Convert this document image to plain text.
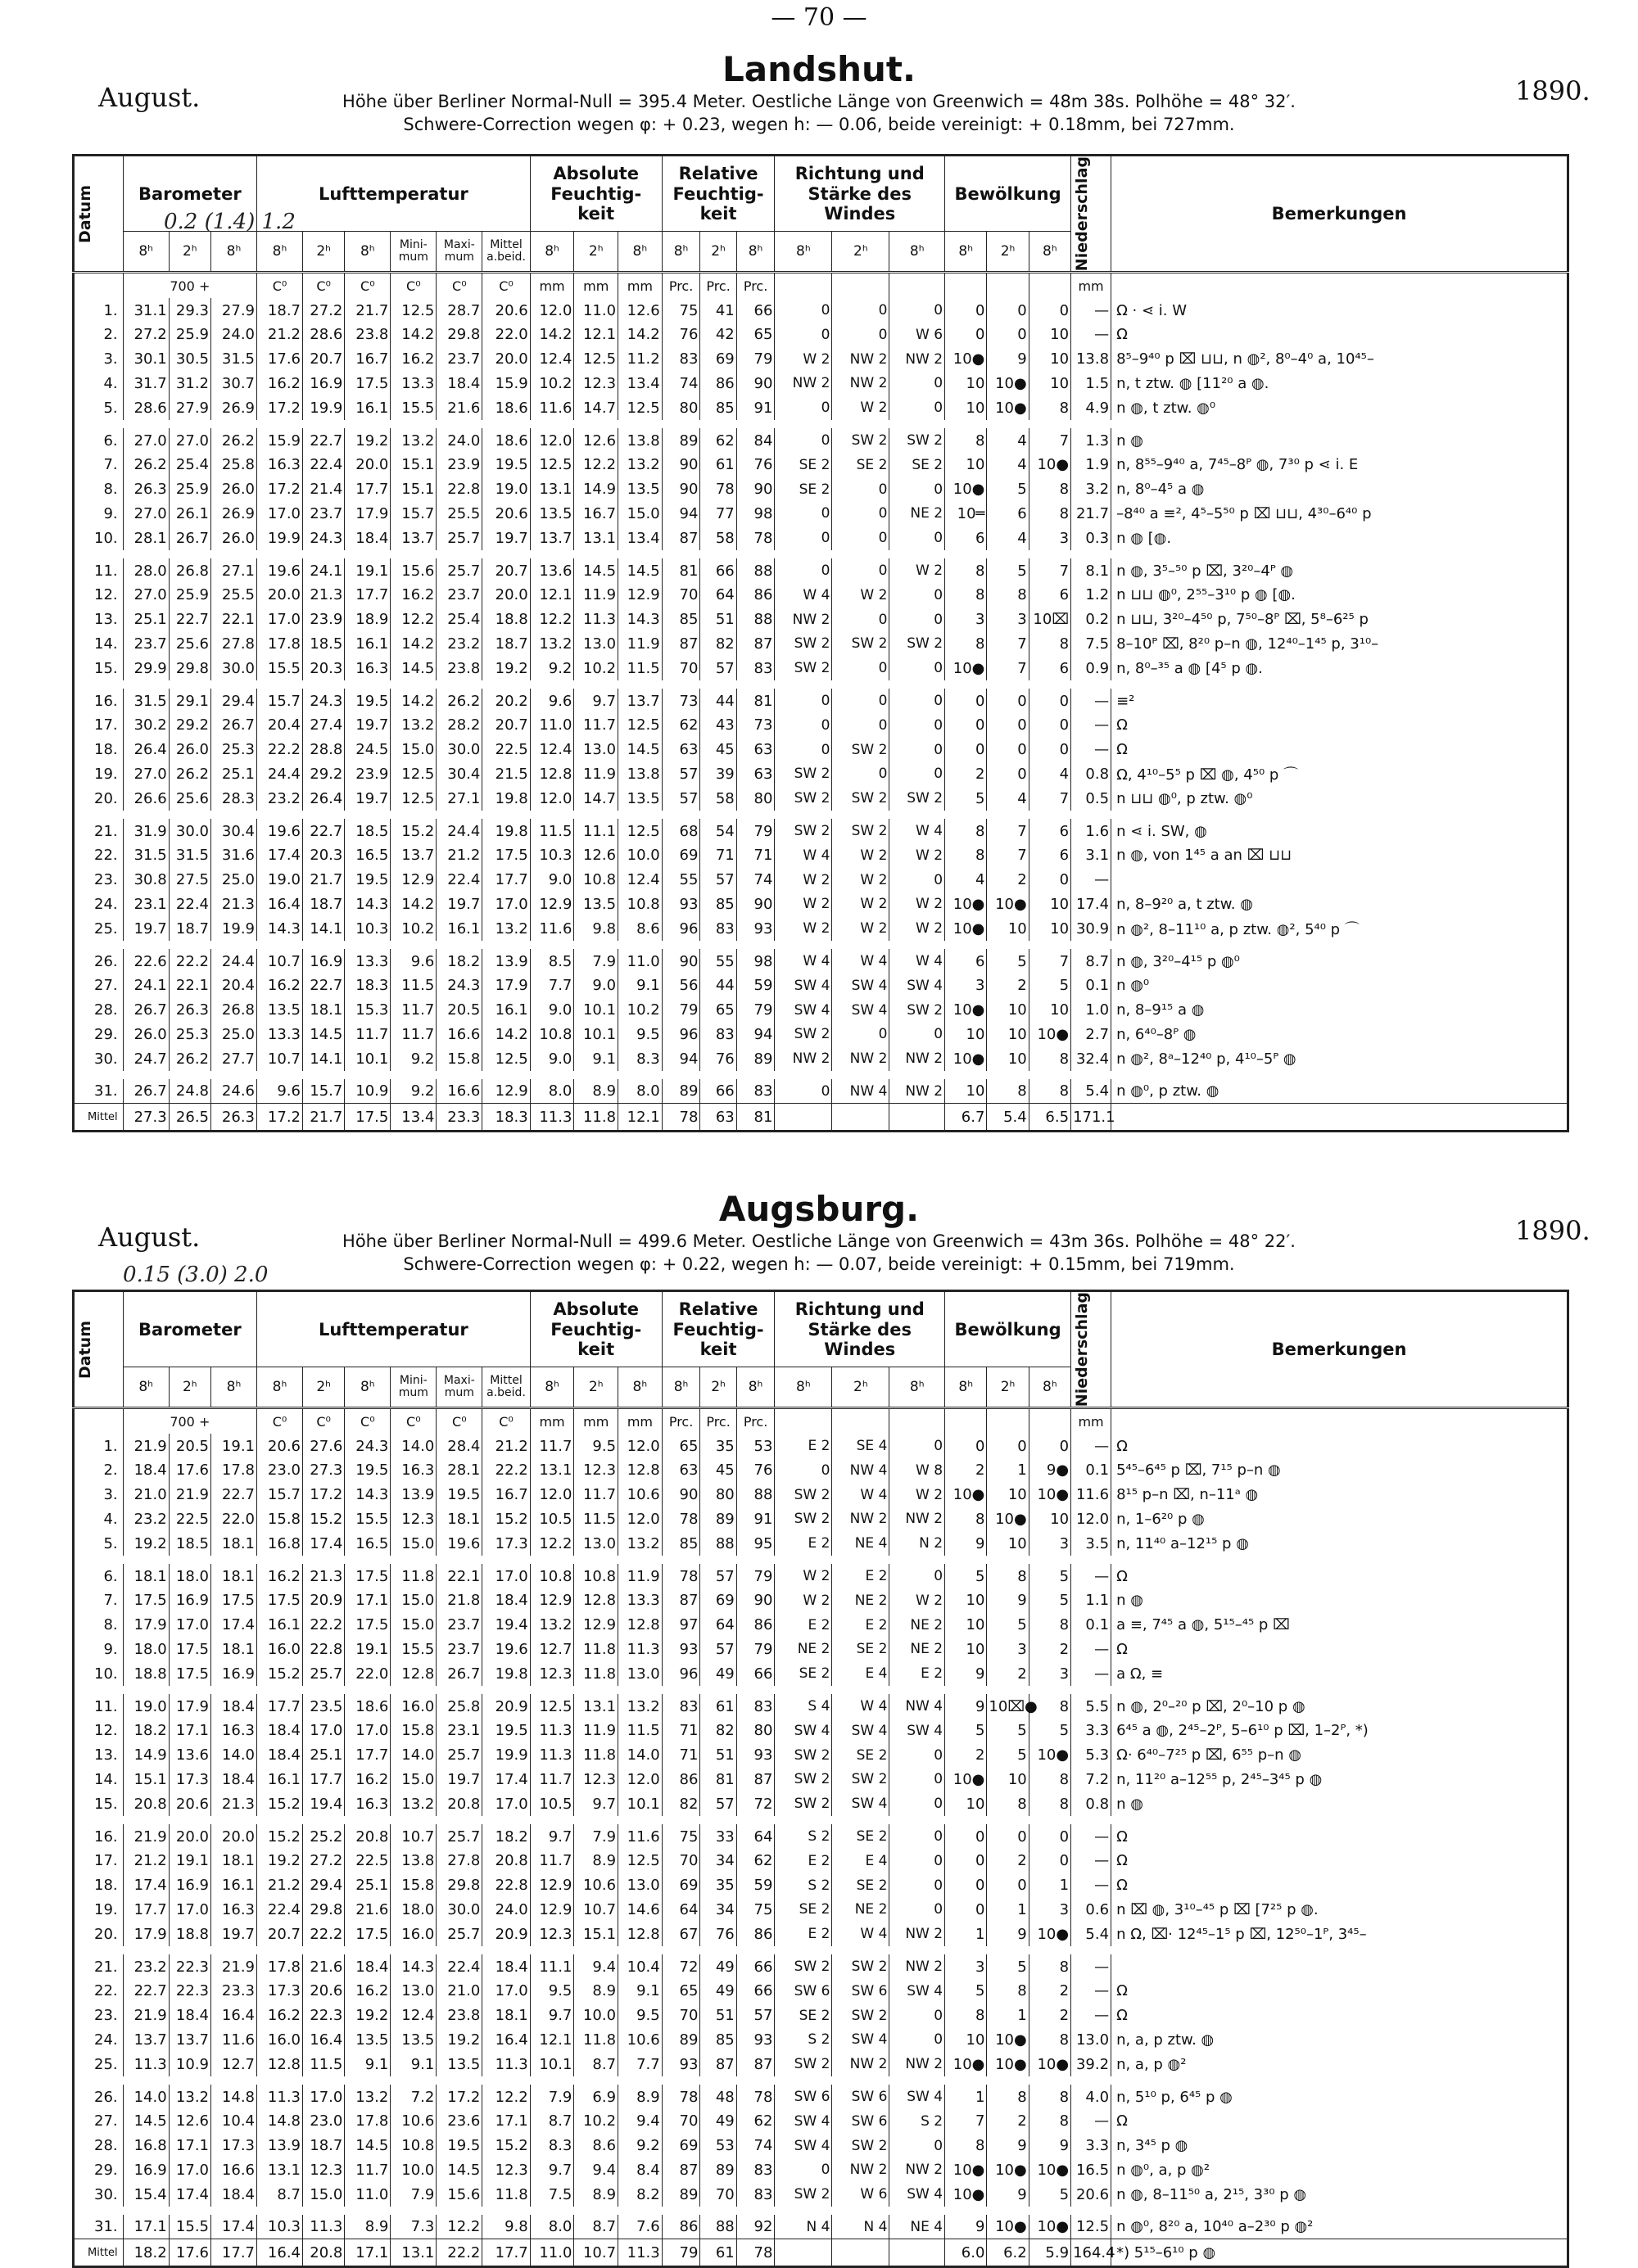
— 70 —
August.
Landshut.
1890.
Höhe über Berliner Normal-Null = 395.4 Meter. Oestliche Länge von Greenwich = 48m 38s. Polhöhe = 48° 32′.
Schwere-Correction wegen φ: + 0.23, wegen h: — 0.06, beide vereinigt: + 0.18mm, bei 727mm.
0.2 (1.4) 1.2
Datum	Barometer			Lufttemperatur						Absolute Feuchtig- keit			Relative Feuchtig- keit			Richtung und Stärke des Windes			Bewölkung			Niederschlag	Bemerkungen
	8ʰ	2ʰ	8ʰ	8ʰ	2ʰ	8ʰ	Mini- mum	Maxi- mum	Mittel a.beid.	8ʰ	2ʰ	8ʰ	8ʰ	2ʰ	8ʰ	8ʰ	2ʰ	8ʰ	8ʰ	2ʰ	8ʰ		
	700 +			C⁰	C⁰	C⁰	C⁰	C⁰	C⁰	mm	mm	mm	Prc.	Prc.	Prc.							mm	
1.	31.1	29.3	27.9	18.7	27.2	21.7	12.5	28.7	20.6	12.0	11.0	12.6	75	41	66	0	0	0	0	0	0	—	Ω · ⋖ i. W
2.	27.2	25.9	24.0	21.2	28.6	23.8	14.2	29.8	22.0	14.2	12.1	14.2	76	42	65	0	0	W 6	0	0	10	—	Ω
3.	30.1	30.5	31.5	17.6	20.7	16.7	16.2	23.7	20.0	12.4	12.5	11.2	83	69	79	W 2	NW 2	NW 2	10●	9	10	13.8	8⁵–9⁴⁰ p ⌧ ⊔⊔, n ◍², 8⁰–4⁰ a, 10⁴⁵–
4.	31.7	31.2	30.7	16.2	16.9	17.5	13.3	18.4	15.9	10.2	12.3	13.4	74	86	90	NW 2	NW 2	0	10	10●	10	1.5	n, t ztw. ◍ [11²⁰ a ◍.
5.	28.6	27.9	26.9	17.2	19.9	16.1	15.5	21.6	18.6	11.6	14.7	12.5	80	85	91	0	W 2	0	10	10●	8	4.9	n ◍, t ztw. ◍⁰

6.	27.0	27.0	26.2	15.9	22.7	19.2	13.2	24.0	18.6	12.0	12.6	13.8	89	62	84	0	SW 2	SW 2	8	4	7	1.3	n ◍
7.	26.2	25.4	25.8	16.3	22.4	20.0	15.1	23.9	19.5	12.5	12.2	13.2	90	61	76	SE 2	SE 2	SE 2	10	4	10●	1.9	n, 8⁵⁵–9⁴⁰ a, 7⁴⁵–8ᴾ ◍, 7³⁰ p ⋖ i. E
8.	26.3	25.9	26.0	17.2	21.4	17.7	15.1	22.8	19.0	13.1	14.9	13.5	90	78	90	SE 2	0	0	10●	5	8	3.2	n, 8⁰–4⁵ a ◍
9.	27.0	26.1	26.9	17.0	23.7	17.9	15.7	25.5	20.6	13.5	16.7	15.0	94	77	98	0	0	NE 2	10═	6	8	21.7	–8⁴⁰ a ≡², 4⁵–5⁵⁰ p ⌧ ⊔⊔, 4³⁰–6⁴⁰ p
10.	28.1	26.7	26.0	19.9	24.3	18.4	13.7	25.7	19.7	13.7	13.1	13.4	87	58	78	0	0	0	6	4	3	0.3	n ◍ [◍.

11.	28.0	26.8	27.1	19.6	24.1	19.1	15.6	25.7	20.7	13.6	14.5	14.5	81	66	88	0	0	W 2	8	5	7	8.1	n ◍, 3⁵–⁵⁰ p ⌧, 3²⁰–4ᴾ ◍
12.	27.0	25.9	25.5	20.0	21.3	17.7	16.2	23.7	20.0	12.1	11.9	12.9	70	64	86	W 4	W 2	0	8	8	6	1.2	n ⊔⊔ ◍⁰, 2⁵⁵–3¹⁰ p ◍ [◍.
13.	25.1	22.7	22.1	17.0	23.9	18.9	12.2	25.4	18.8	12.2	11.3	14.3	85	51	88	NW 2	0	0	3	3	10⌧	0.2	n ⊔⊔, 3²⁰–4⁵⁰ p, 7⁵⁰–8ᴾ ⌧, 5⁸–6²⁵ p
14.	23.7	25.6	27.8	17.8	18.5	16.1	14.2	23.2	18.7	13.2	13.0	11.9	87	82	87	SW 2	SW 2	SW 2	8	7	8	7.5	8–10ᴾ ⌧, 8²⁰ p–n ◍, 12⁴⁰–1⁴⁵ p, 3¹⁰–
15.	29.9	29.8	30.0	15.5	20.3	16.3	14.5	23.8	19.2	9.2	10.2	11.5	70	57	83	SW 2	0	0	10●	7	6	0.9	n, 8⁰–³⁵ a ◍ [4⁵ p ◍.

16.	31.5	29.1	29.4	15.7	24.3	19.5	14.2	26.2	20.2	9.6	9.7	13.7	73	44	81	0	0	0	0	0	0	—	≡²
17.	30.2	29.2	26.7	20.4	27.4	19.7	13.2	28.2	20.7	11.0	11.7	12.5	62	43	73	0	0	0	0	0	0	—	Ω
18.	26.4	26.0	25.3	22.2	28.8	24.5	15.0	30.0	22.5	12.4	13.0	14.5	63	45	63	0	SW 2	0	0	0	0	—	Ω
19.	27.0	26.2	25.1	24.4	29.2	23.9	12.5	30.4	21.5	12.8	11.9	13.8	57	39	63	SW 2	0	0	2	0	4	0.8	Ω, 4¹⁰–5⁵ p ⌧ ◍, 4⁵⁰ p ⌒
20.	26.6	25.6	28.3	23.2	26.4	19.7	12.5	27.1	19.8	12.0	14.7	13.5	57	58	80	SW 2	SW 2	SW 2	5	4	7	0.5	n ⊔⊔ ◍⁰, p ztw. ◍⁰

21.	31.9	30.0	30.4	19.6	22.7	18.5	15.2	24.4	19.8	11.5	11.1	12.5	68	54	79	SW 2	SW 2	W 4	8	7	6	1.6	n ⋖ i. SW, ◍
22.	31.5	31.5	31.6	17.4	20.3	16.5	13.7	21.2	17.5	10.3	12.6	10.0	69	71	71	W 4	W 2	W 2	8	7	6	3.1	n ◍, von 1⁴⁵ a an ⌧ ⊔⊔
23.	30.8	27.5	25.0	19.0	21.7	19.5	12.9	22.4	17.7	9.0	10.8	12.4	55	57	74	W 2	W 2	0	4	2	0	—	
24.	23.1	22.4	21.3	16.4	18.7	14.3	14.2	19.7	17.0	12.9	13.5	10.8	93	85	90	W 2	W 2	W 2	10●	10●	10	17.4	n, 8–9²⁰ a, t ztw. ◍
25.	19.7	18.7	19.9	14.3	14.1	10.3	10.2	16.1	13.2	11.6	9.8	8.6	96	83	93	W 2	W 2	W 2	10●	10	10	30.9	n ◍², 8–11¹⁰ a, p ztw. ◍², 5⁴⁰ p ⌒

26.	22.6	22.2	24.4	10.7	16.9	13.3	9.6	18.2	13.9	8.5	7.9	11.0	90	55	98	W 4	W 4	W 4	6	5	7	8.7	n ◍, 3²⁰–4¹⁵ p ◍⁰
27.	24.1	22.1	20.4	16.2	22.7	18.3	11.5	24.3	17.9	7.7	9.0	9.1	56	44	59	SW 4	SW 4	SW 4	3	2	5	0.1	n ◍⁰
28.	26.7	26.3	26.8	13.5	18.1	15.3	11.7	20.5	16.1	9.0	10.1	10.2	79	65	79	SW 4	SW 4	SW 2	10●	10	10	1.0	n, 8–9¹⁵ a ◍
29.	26.0	25.3	25.0	13.3	14.5	11.7	11.7	16.6	14.2	10.8	10.1	9.5	96	83	94	SW 2	0	0	10	10	10●	2.7	n, 6⁴⁰–8ᴾ ◍
30.	24.7	26.2	27.7	10.7	14.1	10.1	9.2	15.8	12.5	9.0	9.1	8.3	94	76	89	NW 2	NW 2	NW 2	10●	10	8	32.4	n ◍², 8ᵃ–12⁴⁰ p, 4¹⁰–5ᴾ ◍

31.	26.7	24.8	24.6	9.6	15.7	10.9	9.2	16.6	12.9	8.0	8.9	8.0	89	66	83	0	NW 4	NW 2	10	8	8	5.4	n ◍⁰, p ztw. ◍
Mittel	27.3	26.5	26.3	17.2	21.7	17.5	13.4	23.3	18.3	11.3	11.8	12.1	78	63	81				6.7	5.4	6.5	171.1	
August.
Augsburg.
1890.
Höhe über Berliner Normal-Null = 499.6 Meter. Oestliche Länge von Greenwich = 43m 36s. Polhöhe = 48° 22′.
Schwere-Correction wegen φ: + 0.22, wegen h: — 0.07, beide vereinigt: + 0.15mm, bei 719mm.
0.15 (3.0) 2.0
Datum	Barometer			Lufttemperatur						Absolute Feuchtig- keit			Relative Feuchtig- keit			Richtung und Stärke des Windes			Bewölkung			Niederschlag	Bemerkungen
	8ʰ	2ʰ	8ʰ	8ʰ	2ʰ	8ʰ	Mini- mum	Maxi- mum	Mittel a.beid.	8ʰ	2ʰ	8ʰ	8ʰ	2ʰ	8ʰ	8ʰ	2ʰ	8ʰ	8ʰ	2ʰ	8ʰ		
	700 +			C⁰	C⁰	C⁰	C⁰	C⁰	C⁰	mm	mm	mm	Prc.	Prc.	Prc.							mm	
1.	21.9	20.5	19.1	20.6	27.6	24.3	14.0	28.4	21.2	11.7	9.5	12.0	65	35	53	E 2	SE 4	0	0	0	0	—	Ω
2.	18.4	17.6	17.8	23.0	27.3	19.5	16.3	28.1	22.2	13.1	12.3	12.8	63	45	76	0	NW 4	W 8	2	1	9●	0.1	5⁴⁵–6⁴⁵ p ⌧, 7¹⁵ p–n ◍
3.	21.0	21.9	22.7	15.7	17.2	14.3	13.9	19.5	16.7	12.0	11.7	10.6	90	80	88	SW 2	W 4	W 2	10●	10	10●	11.6	8¹⁵ p–n ⌧, n–11ᵃ ◍
4.	23.2	22.5	22.0	15.8	15.2	15.5	12.3	18.1	15.2	10.5	11.5	12.0	78	89	91	SW 2	NW 2	NW 2	8	10●	10	12.0	n, 1–6²⁰ p ◍
5.	19.2	18.5	18.1	16.8	17.4	16.5	15.0	19.6	17.3	12.2	13.0	13.2	85	88	95	E 2	NE 4	N 2	9	10	3	3.5	n, 11⁴⁰ a–12¹⁵ p ◍

6.	18.1	18.0	18.1	16.2	21.3	17.5	11.8	22.1	17.0	10.8	10.8	11.9	78	57	79	W 2	E 2	0	5	8	5	—	Ω
7.	17.5	16.9	17.5	17.5	20.9	17.1	15.0	21.8	18.4	12.9	12.8	13.3	87	69	90	W 2	NE 2	W 2	10	9	5	1.1	n ◍
8.	17.9	17.0	17.4	16.1	22.2	17.5	15.0	23.7	19.4	13.2	12.9	12.8	97	64	86	E 2	E 2	NE 2	10	5	8	0.1	a ≡, 7⁴⁵ a ◍, 5¹⁵–⁴⁵ p ⌧
9.	18.0	17.5	18.1	16.0	22.8	19.1	15.5	23.7	19.6	12.7	11.8	11.3	93	57	79	NE 2	SE 2	NE 2	10	3	2	—	Ω
10.	18.8	17.5	16.9	15.2	25.7	22.0	12.8	26.7	19.8	12.3	11.8	13.0	96	49	66	SE 2	E 4	E 2	9	2	3	—	a Ω, ≡

11.	19.0	17.9	18.4	17.7	23.5	18.6	16.0	25.8	20.9	12.5	13.1	13.2	83	61	83	S 4	W 4	NW 4	9	10⌧●	8	5.5	n ◍, 2⁰–²⁰ p ⌧, 2⁰–10 p ◍
12.	18.2	17.1	16.3	18.4	17.0	17.0	15.8	23.1	19.5	11.3	11.9	11.5	71	82	80	SW 4	SW 4	SW 4	5	5	5	3.3	6⁴⁵ a ◍, 2⁴⁵–2ᴾ, 5–6¹⁰ p ⌧, 1–2ᴾ, *)
13.	14.9	13.6	14.0	18.4	25.1	17.7	14.0	25.7	19.9	11.3	11.8	14.0	71	51	93	SW 2	SE 2	0	2	5	10●	5.3	Ω· 6⁴⁰–7²⁵ p ⌧, 6⁵⁵ p–n ◍
14.	15.1	17.3	18.4	16.1	17.7	16.2	15.0	19.7	17.4	11.7	12.3	12.0	86	81	87	SW 2	SW 2	0	10●	10	8	7.2	n, 11²⁰ a–12⁵⁵ p, 2⁴⁵–3⁴⁵ p ◍
15.	20.8	20.6	21.3	15.2	19.4	16.3	13.2	20.8	17.0	10.5	9.7	10.1	82	57	72	SW 2	SW 4	0	10	8	8	0.8	n ◍

16.	21.9	20.0	20.0	15.2	25.2	20.8	10.7	25.7	18.2	9.7	7.9	11.6	75	33	64	S 2	SE 2	0	0	0	0	—	Ω
17.	21.2	19.1	18.1	19.2	27.2	22.5	13.8	27.8	20.8	11.7	8.9	12.5	70	34	62	E 2	E 4	0	0	2	0	—	Ω
18.	17.4	16.9	16.1	21.2	29.4	25.1	15.8	29.8	22.8	12.9	10.6	13.0	69	35	59	S 2	SE 2	0	0	0	1	—	Ω
19.	17.7	17.0	16.3	22.4	29.8	21.6	18.0	30.0	24.0	12.9	10.7	14.6	64	34	75	SE 2	NE 2	0	0	1	3	0.6	n ⌧ ◍, 3¹⁰–⁴⁵ p ⌧ [7²⁵ p ◍.
20.	17.9	18.8	19.7	20.7	22.2	17.5	16.0	25.7	20.9	12.3	15.1	12.8	67	76	86	E 2	W 4	NW 2	1	9	10●	5.4	n Ω, ⌧· 12⁴⁵–1⁵ p ⌧, 12⁵⁰–1ᴾ, 3⁴⁵–

21.	23.2	22.3	21.9	17.8	21.6	18.4	14.3	22.4	18.4	11.1	9.4	10.4	72	49	66	SW 2	SW 2	NW 2	3	5	8	—	
22.	22.7	22.3	23.3	17.3	20.6	16.2	13.0	21.0	17.0	9.5	8.9	9.1	65	49	66	SW 6	SW 6	SW 4	5	8	2	—	Ω
23.	21.9	18.4	16.4	16.2	22.3	19.2	12.4	23.8	18.1	9.7	10.0	9.5	70	51	57	SE 2	SW 2	0	8	1	2	—	Ω
24.	13.7	13.7	11.6	16.0	16.4	13.5	13.5	19.2	16.4	12.1	11.8	10.6	89	85	93	S 2	SW 4	0	10	10●	8	13.0	n, a, p ztw. ◍
25.	11.3	10.9	12.7	12.8	11.5	9.1	9.1	13.5	11.3	10.1	8.7	7.7	93	87	87	SW 2	NW 2	NW 2	10●	10●	10●	39.2	n, a, p ◍²

26.	14.0	13.2	14.8	11.3	17.0	13.2	7.2	17.2	12.2	7.9	6.9	8.9	78	48	78	SW 6	SW 6	SW 4	1	8	8	4.0	n, 5¹⁰ p, 6⁴⁵ p ◍
27.	14.5	12.6	10.4	14.8	23.0	17.8	10.6	23.6	17.1	8.7	10.2	9.4	70	49	62	SW 4	SW 6	S 2	7	2	8	—	Ω
28.	16.8	17.1	17.3	13.9	18.7	14.5	10.8	19.5	15.2	8.3	8.6	9.2	69	53	74	SW 4	SW 2	0	8	9	9	3.3	n, 3⁴⁵ p ◍
29.	16.9	17.0	16.6	13.1	12.3	11.7	10.0	14.5	12.3	9.7	9.4	8.4	87	89	83	0	NW 2	NW 2	10●	10●	10●	16.5	n ◍⁰, a, p ◍²
30.	15.4	17.4	18.4	8.7	15.0	11.0	7.9	15.6	11.8	7.5	8.9	8.2	89	70	83	SW 2	W 6	SW 4	10●	9	5	20.6	n ◍, 8–11⁵⁰ a, 2¹⁵, 3³⁰ p ◍

31.	17.1	15.5	17.4	10.3	11.3	8.9	7.3	12.2	9.8	8.0	8.7	7.6	86	88	92	N 4	N 4	NE 4	9	10●	10●	12.5	n ◍⁰, 8²⁰ a, 10⁴⁰ a–2³⁰ p ◍²
Mittel	18.2	17.6	17.7	16.4	20.8	17.1	13.1	22.2	17.7	11.0	10.7	11.3	79	61	78				6.0	6.2	5.9	164.4	*) 5¹⁵–6¹⁰ p ◍
